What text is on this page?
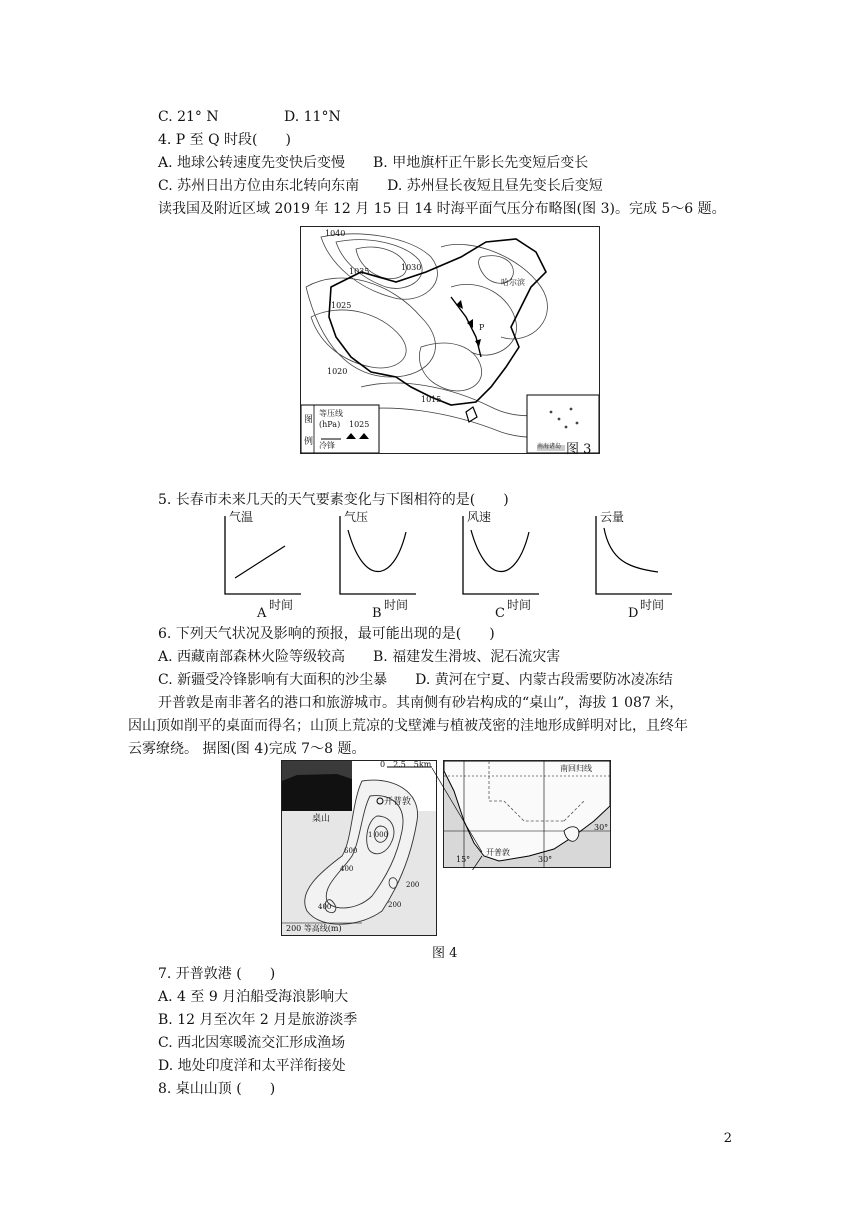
C. 21° N	D. 11°N
4. P 至 Q 时段(　　)
A. 地球公转速度先变快后变慢　　B. 甲地旗杆正午影长先变短后变长
C. 苏州日出方位由东北转向东南　　D. 苏州昼长夜短且昼先变长后变短
读我国及附近区域 2019 年 12 月 15 日 14 时海平面气压分布略图(图 3)。完成 5～6 题。
1040
1035	1030
1025
1020
1015
哈尔滨
P
图
例
等压线
(hPa) 1025
冷锋	南海诸岛 图 3
5. 长春市未来几天的天气要素变化与下图相符的是(　　)
气温
时间
A
气压
时间
B
风速
时间
C
云量
时间
D
6. 下列天气状况及影响的预报，最可能出现的是(　　)
A. 西藏南部森林火险等级较高　　B. 福建发生滑坡、泥石流灾害
C. 新疆受冷锋影响有大面积的沙尘暴　　D. 黄河在宁夏、内蒙古段需要防冰凌冻结
开普敦是南非著名的港口和旅游城市。其南侧有砂岩构成的“桌山”，海拔 1 087 米，
因山顶如削平的桌面而得名；山顶上荒凉的戈壁滩与植被茂密的洼地形成鲜明对比，且终年
云雾缭绕。 据图(图 4)完成 7～8 题。
0　2.5　5km
开普敦
桌山
1 000
600
400
200
400	200
200 等高线(m)
南回归线
30°
15°	30°
开普敦
图 4
7. 开普敦港 (　　)
A. 4 至 9 月泊船受海浪影响大
B. 12 月至次年 2 月是旅游淡季
C. 西北因寒暖流交汇形成渔场
D. 地处印度洋和太平洋衔接处
8. 桌山山顶 (　　)
2
